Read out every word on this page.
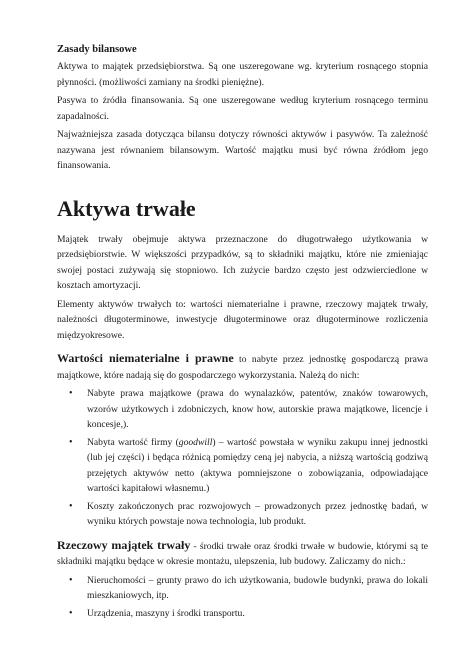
Zasady bilansowe

Aktywa to majątek przedsiębiorstwa. Są one uszeregowane wg. kryterium rosnącego stopnia płynności. (możliwości zamiany na środki pieniężne).

Pasywa to źródła finansowania. Są one uszeregowane według kryterium rosnącego terminu zapadalności.

Najważniejsza zasada dotycząca bilansu dotyczy równości aktywów i pasywów. Ta zależność nazywana jest równaniem bilansowym. Wartość majątku musi być równa źródłom jego finansowania.

Aktywa trwałe

Majątek trwały obejmuje aktywa przeznaczone do długotrwałego użytkowania w przedsiębiorstwie. W większości przypadków, są to składniki majątku, które nie zmieniając swojej postaci zużywają się stopniowo. Ich zużycie bardzo często jest odzwierciedlone w kosztach amortyzacji.

Elementy aktywów trwałych to: wartości niematerialne i prawne, rzeczowy majątek trwały, należności długoterminowe, inwestycje długoterminowe oraz długoterminowe rozliczenia międzyokresowe.

Wartości niematerialne i prawne to nabyte przez jednostkę gospodarczą prawa majątkowe, które nadają się do gospodarczego wykorzystania. Należą do nich:

• Nabyte prawa majątkowe (prawa do wynalazków, patentów, znaków towarowych, wzorów użytkowych i zdobniczych, know how, autorskie prawa majątkowe, licencje i koncesje,).
• Nabyta wartość firmy (goodwill) – wartość powstała w wyniku zakupu innej jednostki (lub jej części) i będąca różnicą pomiędzy ceną jej nabycia, a niższą wartością godziwą przejętych aktywów netto (aktywa pomniejszone o zobowiązania, odpowiadające wartości kapitałowi własnemu.)
• Koszty zakończonych prac rozwojowych – prowadzonych przez jednostkę badań, w wyniku których powstaje nowa technologia, lub produkt.

Rzeczowy majątek trwały - środki trwałe oraz środki trwałe w budowie, którymi są te składniki majątku będące w okresie montażu, ulepszenia, lub budowy. Zaliczamy do nich.:

• Nieruchomości – grunty prawo do ich użytkowania, budowle budynki, prawa do lokali mieszkaniowych, itp.
• Urządzenia, maszyny i środki transportu.
